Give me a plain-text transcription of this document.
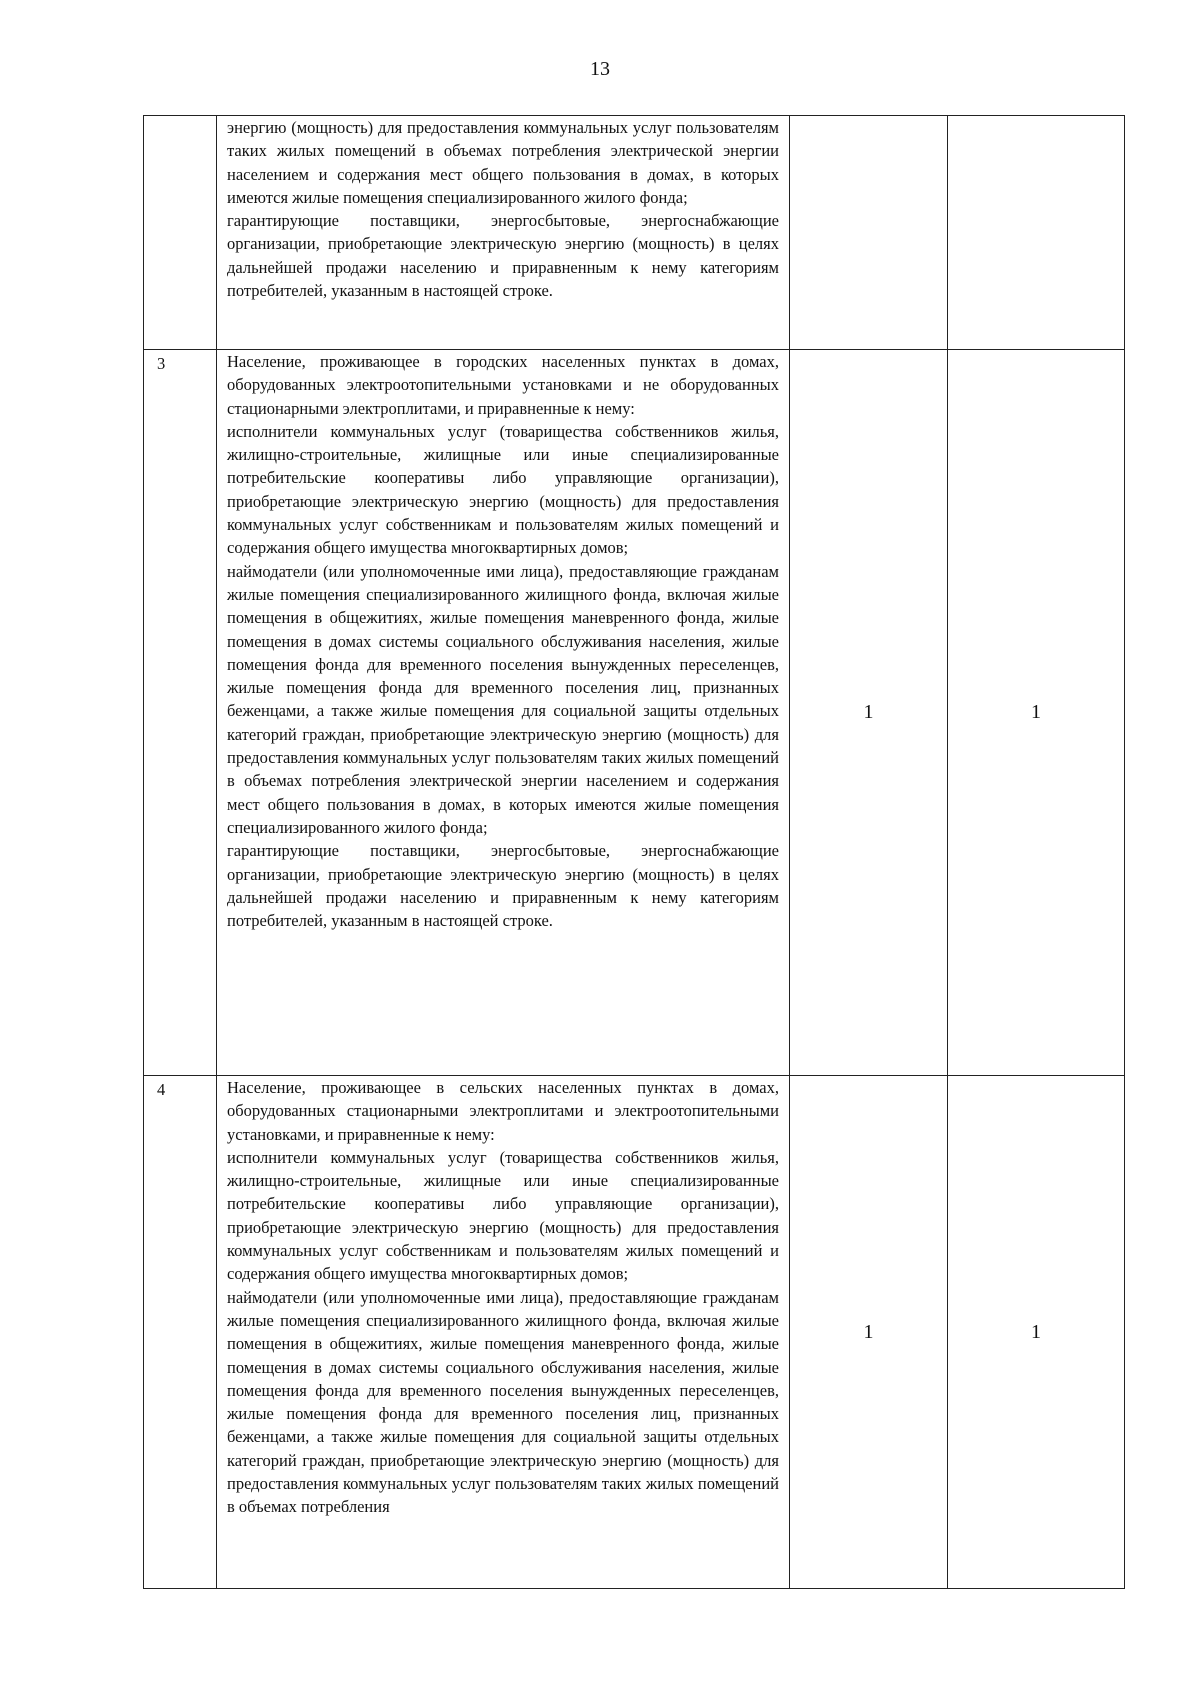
13

	энергию (мощность) для предоставления коммунальных услуг пользователям таких жилых помещений в объемах потребления электрической энергии населением и содержания мест общего пользования в домах, в которых имеются жилые помещения специализированного жилого фонда;

гарантирующие поставщики, энергосбытовые, энергоснабжающие организации, приобретающие электрическую энергию (мощность) в целях дальнейшей продажи населению и приравненным к нему категориям потребителей, указанным в настоящей строке.		

3	Население, проживающее в городских населенных пунктах в домах, оборудованных электроотопительными установками и не оборудованных стационарными электроплитами, и приравненные к нему:

исполнители коммунальных услуг (товарищества собственников жилья, жилищно-строительные, жилищные или иные специализированные потребительские кооперативы либо управляющие организации), приобретающие электрическую энергию (мощность) для предоставления коммунальных услуг собственникам и пользователям жилых помещений и содержания общего имущества многоквартирных домов;

наймодатели (или уполномоченные ими лица), предоставляющие гражданам жилые помещения специализированного жилищного фонда, включая жилые помещения в общежитиях, жилые помещения маневренного фонда, жилые помещения в домах системы социального обслуживания населения, жилые помещения фонда для временного поселения вынужденных переселенцев, жилые помещения фонда для временного поселения лиц, признанных беженцами, а также жилые помещения для социальной защиты отдельных категорий граждан, приобретающие электрическую энергию (мощность) для предоставления коммунальных услуг пользователям таких жилых помещений в объемах потребления электрической энергии населением и содержания мест общего пользования в домах, в которых имеются жилые помещения специализированного жилого фонда;

гарантирующие поставщики, энергосбытовые, энергоснабжающие организации, приобретающие электрическую энергию (мощность) в целях дальнейшей продажи населению и приравненным к нему категориям потребителей, указанным в настоящей строке.	1	1

4	Население, проживающее в сельских населенных пунктах в домах, оборудованных стационарными электроплитами и электроотопительными установками, и приравненные к нему:

исполнители коммунальных услуг (товарищества собственников жилья, жилищно-строительные, жилищные или иные специализированные потребительские кооперативы либо управляющие организации), приобретающие электрическую энергию (мощность) для предоставления коммунальных услуг собственникам и пользователям жилых помещений и содержания общего имущества многоквартирных домов;

наймодатели (или уполномоченные ими лица), предоставляющие гражданам жилые помещения специализированного жилищного фонда, включая жилые помещения в общежитиях, жилые помещения маневренного фонда, жилые помещения в домах системы социального обслуживания населения, жилые помещения фонда для временного поселения вынужденных переселенцев, жилые помещения фонда для временного поселения лиц, признанных беженцами, а также жилые помещения для социальной защиты отдельных категорий граждан, приобретающие электрическую энергию (мощность) для предоставления коммунальных услуг пользователям таких жилых помещений в объемах потребления	1	1
